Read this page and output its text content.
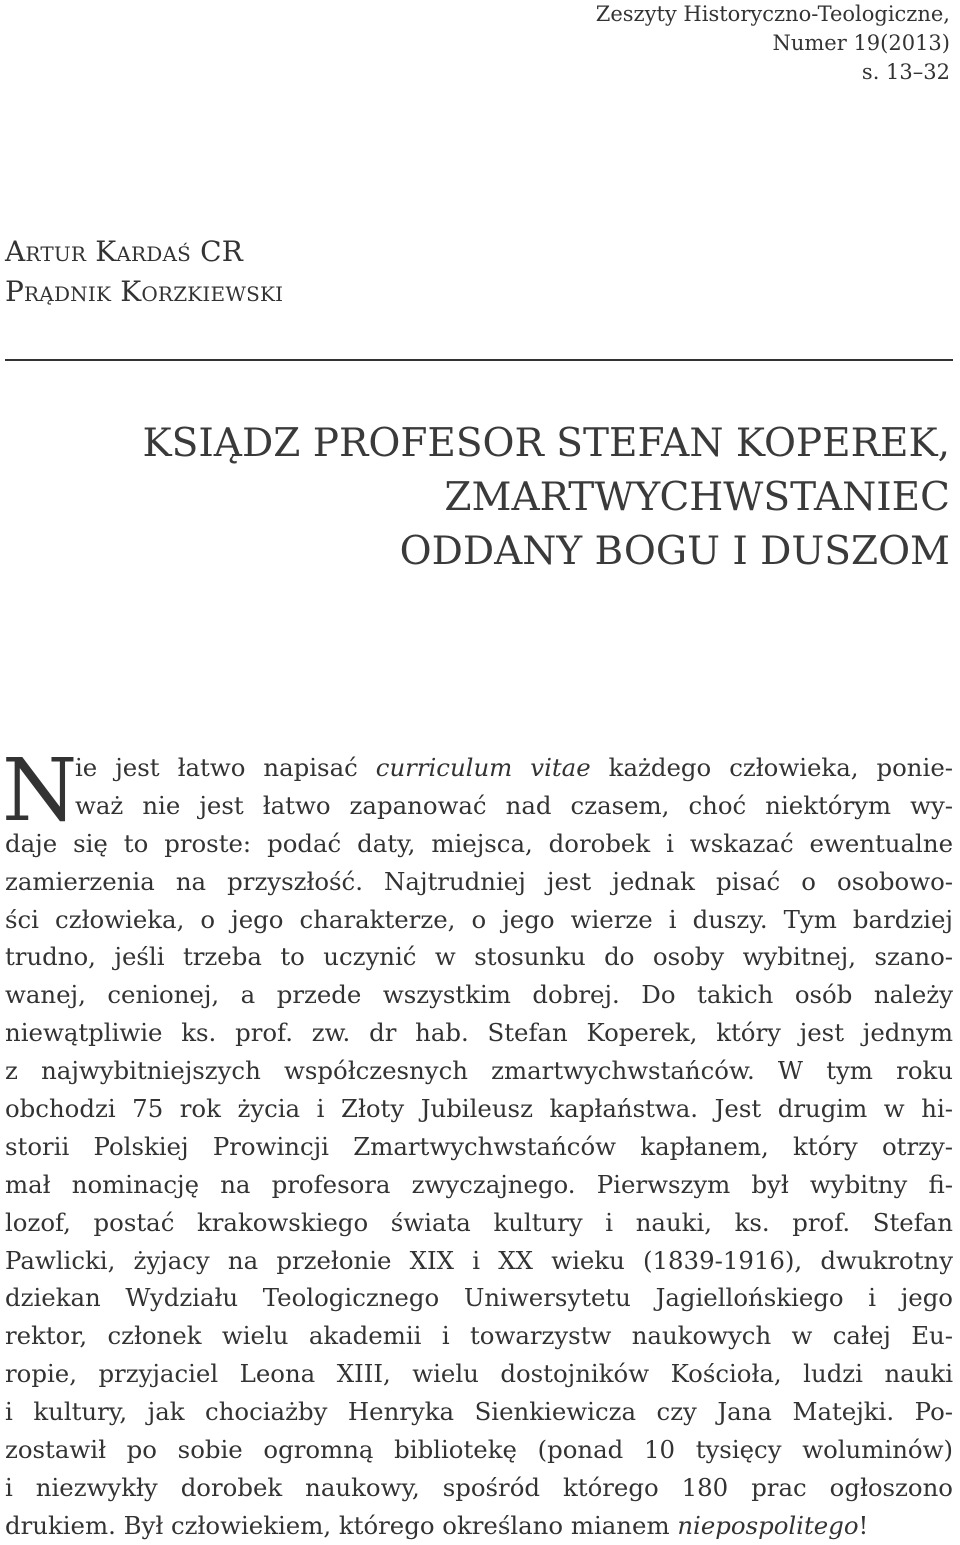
Zeszyty Historyczno-Teologiczne,
Numer 19(2013)
s. 13–32
Artur Kardaś CR
Prądnik Korzkiewski
KSIĄDZ PROFESOR STEFAN KOPEREK,
ZMARTWYCHWSTANIEC
ODDANY BOGU I DUSZOM
N
ie jest łatwo napisać curriculum vitae każdego człowieka, ponie-
waż nie jest łatwo zapanować nad czasem, choć niektórym wy-
daje się to proste: podać daty, miejsca, dorobek i wskazać ewentualne
zamierzenia na przyszłość. Najtrudniej jest jednak pisać o osobowo-
ści człowieka, o jego charakterze, o jego wierze i duszy. Tym bardziej
trudno, jeśli trzeba to uczynić w stosunku do osoby wybitnej, szano-
wanej, cenionej, a przede wszystkim dobrej. Do takich osób należy
niewątpliwie ks. prof. zw. dr hab. Stefan Koperek, który jest jednym
z najwybitniejszych współczesnych zmartwychwstańców. W tym roku
obchodzi 75 rok życia i Złoty Jubileusz kapłaństwa. Jest drugim w hi-
storii Polskiej Prowincji Zmartwychwstańców kapłanem, który otrzy-
mał nominację na profesora zwyczajnego. Pierwszym był wybitny fi-
lozof, postać krakowskiego świata kultury i nauki, ks. prof. Stefan
Pawlicki, żyjacy na przełonie XIX i XX wieku (1839-1916), dwukrotny
dziekan Wydziału Teologicznego Uniwersytetu Jagiellońskiego i jego
rektor, członek wielu akademii i towarzystw naukowych w całej Eu-
ropie, przyjaciel Leona XIII, wielu dostojników Kościoła, ludzi nauki
i kultury, jak chociażby Henryka Sienkiewicza czy Jana Matejki. Po-
zostawił po sobie ogromną bibliotekę (ponad 10 tysięcy woluminów)
i niezwykły dorobek naukowy, spośród którego 180 prac ogłoszono
drukiem. Był człowiekiem, którego określano mianem niepospolitego!
